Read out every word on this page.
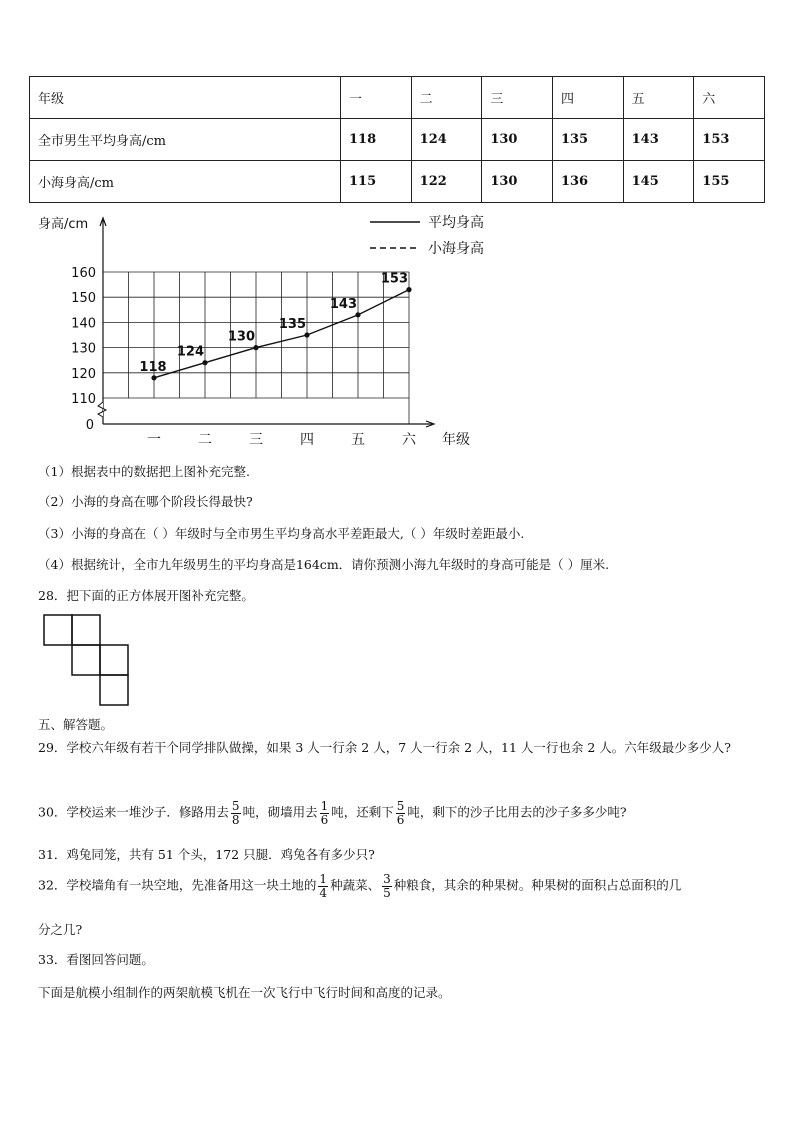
年级	一	二	三	四	五	六
全市男生平均身高/cm	118	124	130	135	143	153
小海身高/cm	115	122	130	136	145	155
身高/cm
年级
0
110
120
130
140
150
160
一	二	三	四	五	六
118
124
130
135
143
153
平均身高
小海身高
（1）根据表中的数据把上图补充完整.
（2）小海的身高在哪个阶段长得最快?
（3）小海的身高在（ ）年级时与全市男生平均身高水平差距最大,（ ）年级时差距最小.
（4）根据统计，全市九年级男生的平均身高是164cm．请你预测小海九年级时的身高可能是（ ）厘米.
28．把下面的正方体展开图补充完整。
五、解答题。
29．学校六年级有若干个同学排队做操，如果 3 人一行余 2 人，7 人一行余 2 人，11 人一行也余 2 人。六年级最少多少人?
30．学校运来一堆沙子．修路用去 $\frac{5}{8}$ 吨，砌墙用去 $\frac{1}{6}$ 吨，还剩下 $\frac{5}{6}$ 吨，剩下的沙子比用去的沙子多多少吨?
31．鸡兔同笼，共有 51 个头，172 只腿．鸡兔各有多少只?
32．学校墙角有一块空地，先准备用这一块土地的 $\frac{1}{4}$ 种蔬菜、 $\frac{3}{5}$ 种粮食，其余的种果树。种果树的面积占总面积的几
分之几?
33．看图回答问题。
下面是航模小组制作的两架航模飞机在一次飞行中飞行时间和高度的记录。
